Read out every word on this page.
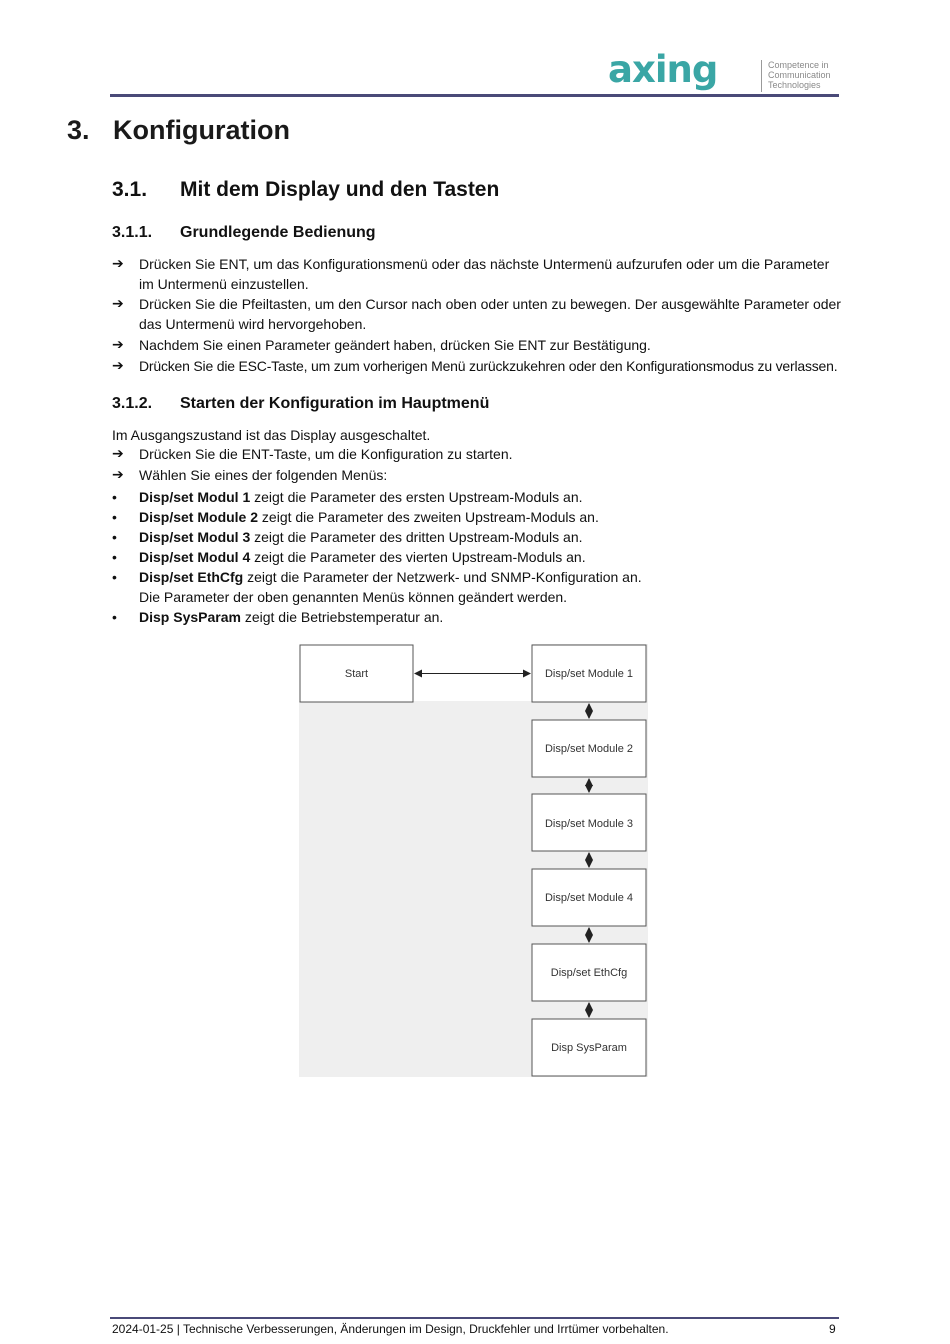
axing	Competence in
Communication
Technologies
3. Konfiguration
3.1. Mit dem Display und den Tasten
3.1.1. Grundlegende Bedienung
➔	Drücken Sie ENT, um das Konfigurationsmenü oder das nächste Untermenü aufzurufen oder um die Parameter im Untermenü einzustellen.
➔	Drücken Sie die Pfeiltasten, um den Cursor nach oben oder unten zu bewegen. Der ausgewählte Parameter oder das Untermenü wird hervorgehoben.
➔	Nachdem Sie einen Parameter geändert haben, drücken Sie ENT zur Bestätigung.
➔	Drücken Sie die ESC-Taste, um zum vorherigen Menü zurückzukehren oder den Konfigurationsmodus zu verlassen.
3.1.2. Starten der Konfiguration im Hauptmenü
Im Ausgangszustand ist das Display ausgeschaltet.
➔	Drücken Sie die ENT-Taste, um die Konfiguration zu starten.
➔	Wählen Sie eines der folgenden Menüs:
•	Disp/set Modul 1 zeigt die Parameter des ersten Upstream-Moduls an.
•	Disp/set Module 2 zeigt die Parameter des zweiten Upstream-Moduls an.
•	Disp/set Modul 3 zeigt die Parameter des dritten Upstream-Moduls an.
•	Disp/set Modul 4 zeigt die Parameter des vierten Upstream-Moduls an.
•	Disp/set EthCfg zeigt die Parameter der Netzwerk- und SNMP-Konfiguration an.
Die Parameter der oben genannten Menüs können geändert werden.
•	Disp SysParam zeigt die Betriebstemperatur an.
Start	Disp/set Module 1
Disp/set Module 2
Disp/set Module 3
Disp/set Module 4
Disp/set EthCfg
Disp SysParam
2024-01-25 | Technische Verbesserungen, Änderungen im Design, Druckfehler und Irrtümer vorbehalten.	9
